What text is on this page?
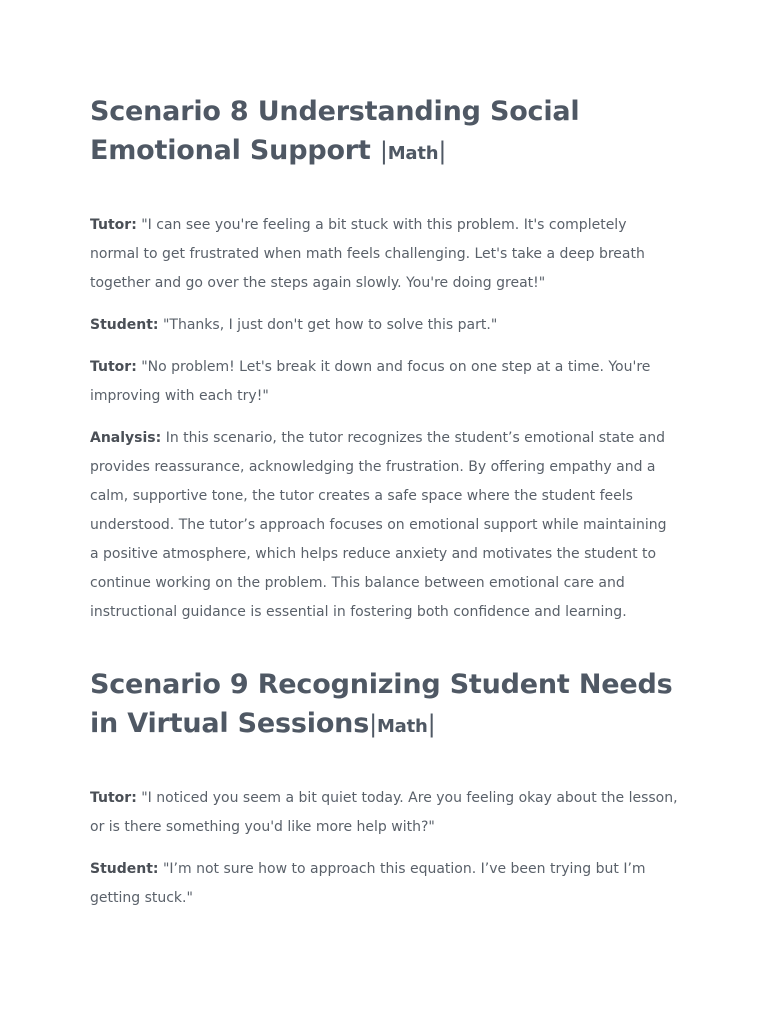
Scenario 8 Understanding Social Emotional Support |Math|

Tutor: "I can see you're feeling a bit stuck with this problem. It's completely normal to get frustrated when math feels challenging. Let's take a deep breath together and go over the steps again slowly. You're doing great!"

Student: "Thanks, I just don't get how to solve this part."

Tutor: "No problem! Let's break it down and focus on one step at a time. You're improving with each try!"

Analysis: In this scenario, the tutor recognizes the student’s emotional state and provides reassurance, acknowledging the frustration. By offering empathy and a calm, supportive tone, the tutor creates a safe space where the student feels understood. The tutor’s approach focuses on emotional support while maintaining a positive atmosphere, which helps reduce anxiety and motivates the student to continue working on the problem. This balance between emotional care and instructional guidance is essential in fostering both confidence and learning.

Scenario 9 Recognizing Student Needs in Virtual Sessions|Math|

Tutor: "I noticed you seem a bit quiet today. Are you feeling okay about the lesson, or is there something you'd like more help with?"

Student: "I’m not sure how to approach this equation. I’ve been trying but I’m getting stuck."
